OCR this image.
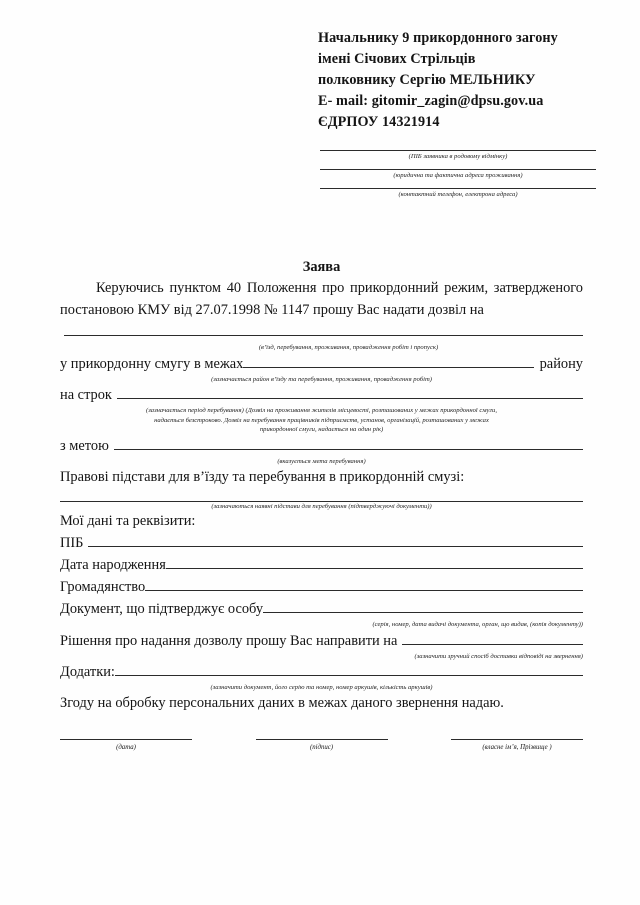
Начальнику 9 прикордонного загону
імені Січових Стрільців
полковнику Сергію МЕЛЬНИКУ
E- mail: gitomir_zagin@dpsu.gov.ua
ЄДРПОУ 14321914
(ПІБ заявника в родовому відмінку)
(юридична та фактична адреса проживання)
(контактний телефон, електрона адреса)
Заява
Керуючись пунктом 40 Положення про прикордонний режим, затвердженого постановою КМУ від 27.07.1998 № 1147 прошу Вас надати дозвіл на

(в’їзд, перебування, проживання, провадження робіт і пропуск)
у прикордонну смугу в межах	району
(зазначається район в’їзду та перебування, проживання, провадження робіт)
на строк
(зазначається період перебування) (Дозвіл на проживання жителів місцевості, розташованих у межах прикордонної смуги,
надається безстроково. Дозвіл на перебування працівників підприємств, установ, організацій, розташованих у межах
прикордонної смуги, надається на один рік)
з метою
(вказується мета перебування)
Правові підстави для в’їзду та перебування в прикордонній смузі:
(зазначаються наявні підстави для перебування (підтверджуючі документи))
Мої дані та реквізити:
ПІБ
Дата народження
Громадянство
Документ, що підтверджує особу
(серія, номер, дата видачі документа, орган, що видав, (копія документу))
Рішення про надання дозволу прошу Вас направити на
(зазначити зручний спосіб доставки відповіді на звернення)
Додатки:
(зазначити документ, його серію та номер, номер аркушів, кількість аркушів)
Згоду на обробку персональних даних в межах даного звернення надаю.
(дата)	(підпис)	(власне ім’я, Прізвище )
